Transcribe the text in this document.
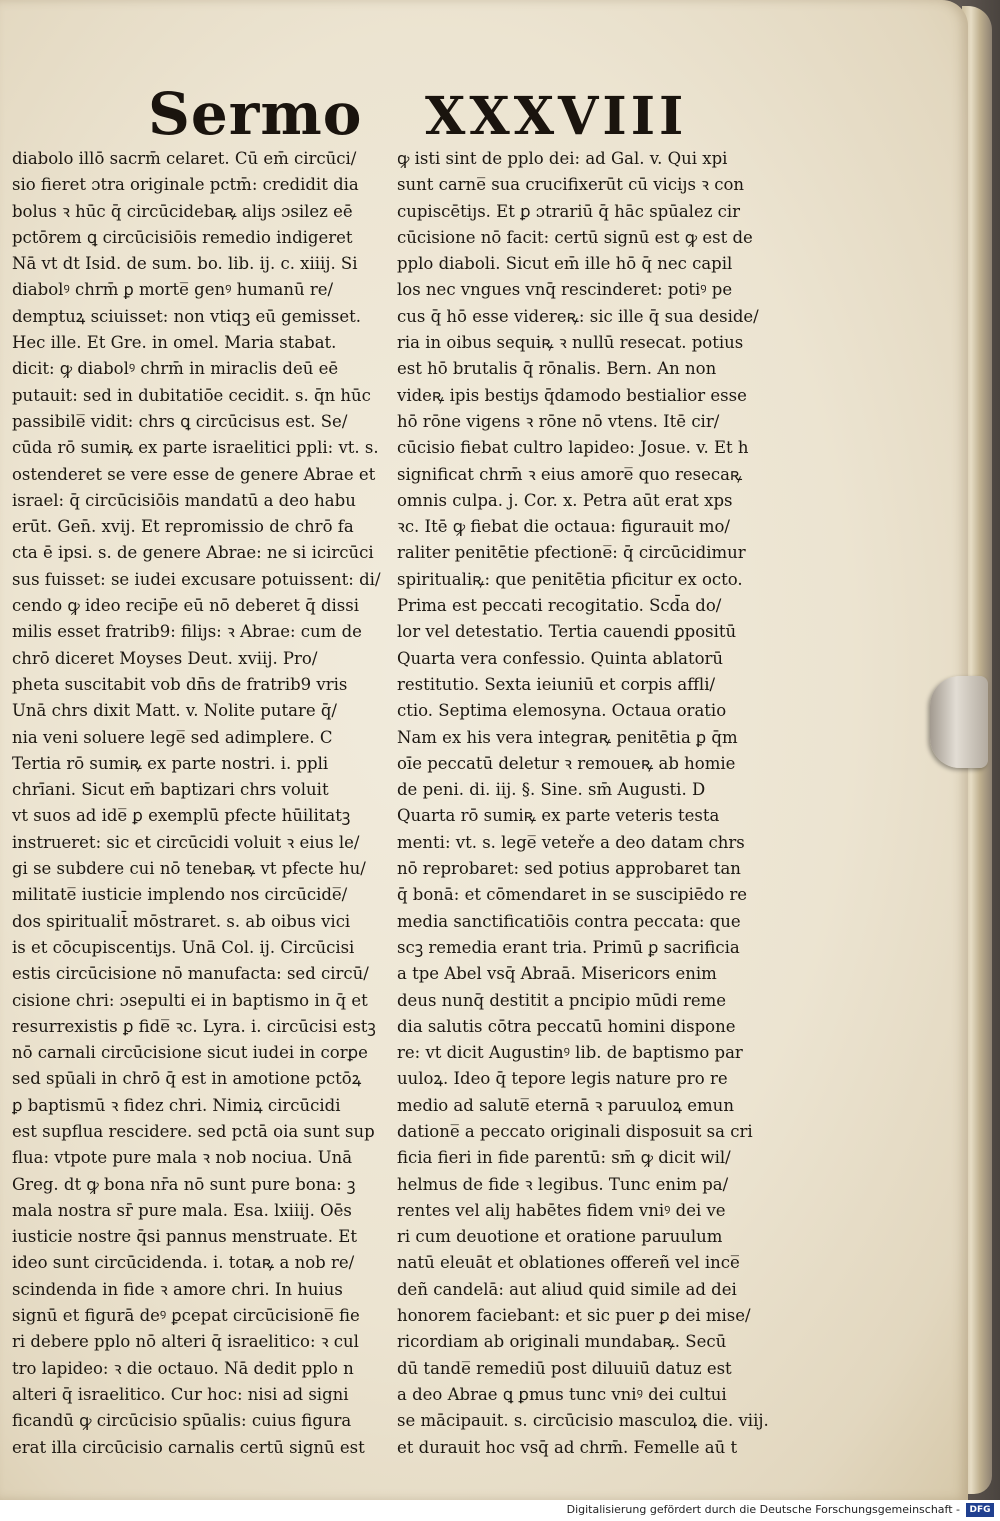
Sermo XXXVIII
diabolo illō sacrm̄ celaret. Cū em̄ circūci/
sio fieret ɔtra originale pctm̄: credidit dia
bolus ꝛ hūc q̄ circūcidebaꝶ aliȷs ɔsilez eē
pctōrem ꝗ circūcisiōis remedio indigeret
Nā vt dt Isid. de sum. bo. lib. ij. c. xiiij. Si
diabolꝰ chrm̄ ꝑ morte̅ genꝰ humanū re/
demptuꝝ sciuisset: non vtiqꝫ eū gemisset.
Hec ille. Et Gre. in omel. Maria stabat.
dicit: ꝙ diabolꝰ chrm̄ in miraclis deū eē
putauit: sed in dubitatiōe cecidit. s. q̄n hūc
passibile̅ vidit: chrs ꝗ circūcisus est. Se/
cūda rō sumiꝶ ex parte israelitici ppli: vt. s.
ostenderet se vere esse de genere Abrae et
israel: q̄ circūcisiōis mandatū a deo habu
erūt. Gen̄. xvij. Et repromissio de chrō fa
cta ē ipsi. s. de genere Abrae: ne si icircūci
sus fuisset: se iudei excusare potuissent: di/
cendo ꝙ ideo recip̄e eū nō deberet q̄ dissi
milis esset fratrib9: filiȷs: ꝛ Abrae: cum de
chrō diceret Moyses Deut. xviij. Pro/
pheta suscitabit vob dn̄s de fratrib9 vris
Unā chrs dixit Matt. v. Nolite putare q̄/
nia veni soluere lege̅ sed adimplere. C
Tertia rō sumiꝶ ex parte nostri. i. ppli
chrīani. Sicut em̄ baptizari chrs voluit
vt suos ad ide̅ ꝑ exemplū pfecte hūilitatꝫ
instrueret: sic et circūcidi voluit ꝛ eius le/
gi se subdere cui nō tenebaꝶ vt pfecte hu/
militate̅ iusticie implendo nos circūcide̅/
dos spiritualit̄ mōstraret. s. ab oibus vici
is et cōcupiscentiȷs. Unā Col. ij. Circūcisi
estis circūcisione nō manufacta: sed circū/
cisione chri: ɔsepulti ei in baptismo in q̄ et
resurrexistis ꝑ fide̅ ꝛc. Lyra. i. circūcisi estꝫ
nō carnali circūcisione sicut iudei in corꝑe
sed spūali in chrō q̄ est in amotione pctōꝝ
ꝑ baptismū ꝛ fidez chri. Nimiꝝ circūcidi
est supflua rescidere. sed pctā oia sunt sup
flua: vtpote pure mala ꝛ nob nociua. Unā
Greg. dt ꝙ bona nr̄a nō sunt pure bona: ꝫ
mala nostra sr̄ pure mala. Esa. lxiiij. Oēs
iusticie nostre q̄si pannus menstruate. Et
ideo sunt circūcidenda. i. totaꝶ a nob re/
scindenda in fide ꝛ amore chri. In huius
signū et figurā deꝰ ꝑcepat circūcisione̅ fie
ri debere pplo nō alteri q̄ israelitico: ꝛ cul
tro lapideo: ꝛ die octauo. Nā dedit pplo n
alteri q̄ israelitico. Cur hoc: nisi ad signi
ficandū ꝙ circūcisio spūalis: cuius figura
erat illa circūcisio carnalis certū signū est
ꝙ isti sint de pplo dei: ad Gal. v. Qui xpi
sunt carne̅ sua crucifixerūt cū viciȷs ꝛ con
cupiscētiȷs. Et ꝑ ɔtrariū q̄ hāc spūalez cir
cūcisione nō facit: certū signū est ꝙ est de
pplo diaboli. Sicut em̄ ille hō q̄ nec capil
los nec vngues vnq̄ rescinderet: potiꝰ pe
cus q̄ hō esse videreꝶ: sic ille q̄ sua deside/
ria in oibus sequiꝶ ꝛ nullū resecat. potius
est hō brutalis q̄ rōnalis. Bern. An non
videꝶ ipis bestiȷs q̄damodo bestialior esse
hō rōne vigens ꝛ rōne nō vtens. Itē cir/
cūcisio fiebat cultro lapideo: Josue. v. Et h
significat chrm̄ ꝛ eius amore̅ quo resecaꝶ
omnis culpa. j. Cor. x. Petra aūt erat xps
ꝛc. Itē ꝙ fiebat die octaua: figurauit mo/
raliter penitētie pfectione̅: q̄ circūcidimur
spiritualiꝶ: que penitētia pficitur ex octo.
Prima est peccati recogitatio. Scd̄a do/
lor vel detestatio. Tertia cauendi ꝑpositū
Quarta vera confessio. Quinta ablatorū
restitutio. Sexta ieiuniū et corpis affli/
ctio. Septima elemosyna. Octaua oratio
Nam ex his vera integraꝶ penitētia ꝑ q̄m
oīe peccatū deletur ꝛ remoueꝶ ab homie
de peni. di. iij. §. Sine. sm̄ Augusti. D
Quarta rō sumiꝶ ex parte veteris testa
menti: vt. s. lege̅ veteře a deo datam chrs
nō reprobaret: sed potius approbaret tan
q̄ bonā: et cōmendaret in se suscipiēdo re
media sanctificatiōis contra peccata: que
scꝫ remedia erant tria. Primū ꝑ sacrificia
a tpe Abel vsq̄ Abraā. Misericors enim
deus nunq̄ destitit a pncipio mūdi reme
dia salutis cōtra peccatū homini dispone
re: vt dicit Augustinꝰ lib. de baptismo par
uuloꝝ. Ideo q̄ tepore legis nature pro re
medio ad salute̅ eternā ꝛ paruuloꝝ emun
datione̅ a peccato originali disposuit sa cri
ficia fieri in fide parentū: sm̄ ꝙ dicit wil/
helmus de fide ꝛ legibus. Tunc enim pa/
rentes vel aliȷ habētes fidem vniꝰ dei ve
ri cum deuotione et oratione paruulum
natū eleuāt et oblationes offereñ vel ince̅
deñ candelā: aut aliud quid simile ad dei
honorem faciebant: et sic puer ꝑ dei mise/
ricordiam ab originali mundabaꝶ. Secū
dū tande̅ remediū post diluuiū datuz est
a deo Abrae ꝗ ꝑmus tunc vniꝰ dei cultui
se mācipauit. s. circūcisio masculoꝝ die. viij.
et durauit hoc vsq̄ ad chrm̄. Femelle aū t
Digitalisierung gefördert durch die Deutsche Forschungsgemeinschaft -	DFG
